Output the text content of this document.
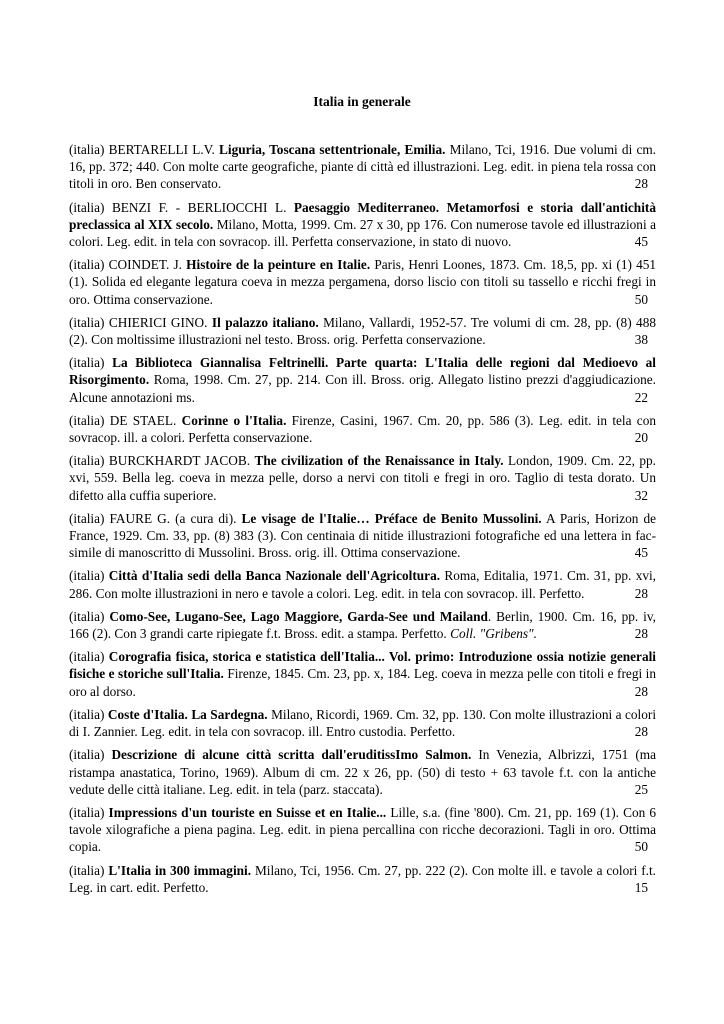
Italia in generale

(italia) BERTARELLI L.V. Liguria, Toscana settentrionale, Emilia. Milano, Tci, 1916. Due volumi di cm. 16, pp. 372; 440. Con molte carte geografiche, piante di città ed illustrazioni. Leg. edit. in piena tela rossa con titoli in oro. Ben conservato.	28

(italia) BENZI F. - BERLIOCCHI L. Paesaggio Mediterraneo. Metamorfosi e storia dall'antichità preclassica al XIX secolo. Milano, Motta, 1999. Cm. 27 x 30, pp 176. Con numerose tavole ed illustrazioni a colori. Leg. edit. in tela con sovracop. ill. Perfetta conservazione, in stato di nuovo.	45

(italia) COINDET. J. Histoire de la peinture en Italie. Paris, Henri Loones, 1873. Cm. 18,5, pp. xi (1) 451 (1). Solida ed elegante legatura coeva in mezza pergamena, dorso liscio con titoli su tassello e ricchi fregi in oro. Ottima conservazione.	50

(italia) CHIERICI GINO. Il palazzo italiano. Milano, Vallardi, 1952-57. Tre volumi di cm. 28, pp. (8) 488 (2). Con moltissime illustrazioni nel testo. Bross. orig. Perfetta conservazione.	38

(italia) La Biblioteca Giannalisa Feltrinelli. Parte quarta: L'Italia delle regioni dal Medioevo al Risorgimento. Roma, 1998. Cm. 27, pp. 214. Con ill. Bross. orig. Allegato listino prezzi d'aggiudicazione. Alcune annotazioni ms.	22

(italia) DE STAEL. Corinne o l'Italia. Firenze, Casini, 1967. Cm. 20, pp. 586 (3). Leg. edit. in tela con sovracop. ill. a colori. Perfetta conservazione.	20

(italia) BURCKHARDT JACOB. The civilization of the Renaissance in Italy. London, 1909. Cm. 22, pp. xvi, 559. Bella leg. coeva in mezza pelle, dorso a nervi con titoli e fregi in oro. Taglio di testa dorato. Un difetto alla cuffia superiore.	32

(italia) FAURE G. (a cura di). Le visage de l'Italie… Préface de Benito Mussolini. A Paris, Horizon de France, 1929. Cm. 33, pp. (8) 383 (3). Con centinaia di nitide illustrazioni fotografiche ed una lettera in fac-simile di manoscritto di Mussolini. Bross. orig. ill. Ottima conservazione.	45

(italia) Città d'Italia sedi della Banca Nazionale dell'Agricoltura. Roma, Editalia, 1971. Cm. 31, pp. xvi, 286. Con molte illustrazioni in nero e tavole a colori. Leg. edit. in tela con sovracop. ill. Perfetto.	28

(italia) Como-See, Lugano-See, Lago Maggiore, Garda-See und Mailand. Berlin, 1900. Cm. 16, pp. iv, 166 (2). Con 3 grandi carte ripiegate f.t. Bross. edit. a stampa. Perfetto. Coll. "Gribens".	28

(italia) Corografia fisica, storica e statistica dell'Italia... Vol. primo: Introduzione ossia notizie generali fisiche e storiche sull'Italia. Firenze, 1845. Cm. 23, pp. x, 184. Leg. coeva in mezza pelle con titoli e fregi in oro al dorso.	28

(italia) Coste d'Italia. La Sardegna. Milano, Ricordi, 1969. Cm. 32, pp. 130. Con molte illustrazioni a colori di I. Zannier. Leg. edit. in tela con sovracop. ill. Entro custodia. Perfetto.	28

(italia) Descrizione di alcune città scritta dall'eruditissImo Salmon. In Venezia, Albrizzi, 1751 (ma ristampa anastatica, Torino, 1969). Album di cm. 22 x 26, pp. (50) di testo + 63 tavole f.t. con la antiche vedute delle città italiane. Leg. edit. in tela (parz. staccata).	25

(italia) Impressions d'un touriste en Suisse et en Italie... Lille, s.a. (fine '800). Cm. 21, pp. 169 (1). Con 6 tavole xilografiche a piena pagina. Leg. edit. in piena percallina con ricche decorazioni. Tagli in oro. Ottima copia.	50

(italia) L'Italia in 300 immagini. Milano, Tci, 1956. Cm. 27, pp. 222 (2). Con molte ill. e tavole a colori f.t. Leg. in cart. edit. Perfetto.	15
